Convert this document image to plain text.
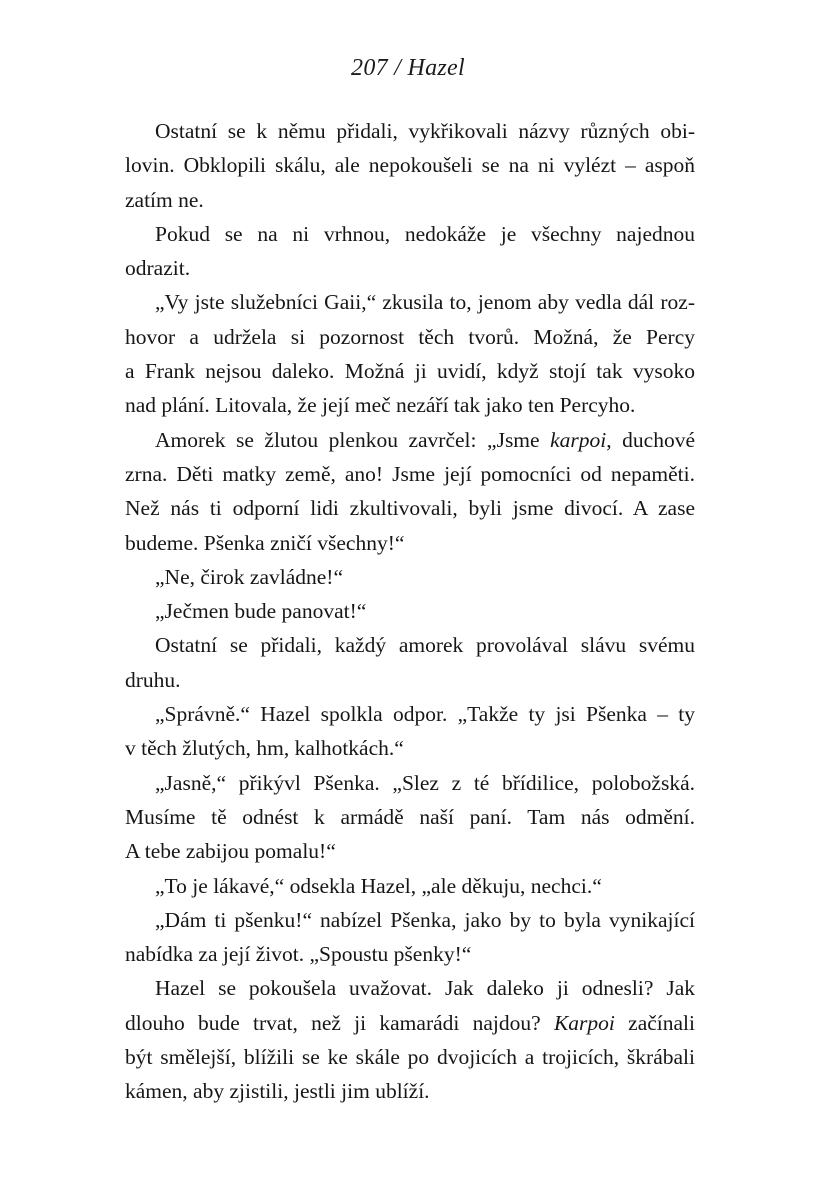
207 / Hazel
Ostatní se k němu přidali, vykřikovali názvy různých obi-
lovin. Obklopili skálu, ale nepokoušeli se na ni vylézt – aspoň
zatím ne.
Pokud se na ni vrhnou, nedokáže je všechny najednou
odrazit.
„Vy jste služebníci Gaii,“ zkusila to, jenom aby vedla dál roz-
hovor a udržela si pozornost těch tvorů. Možná, že Percy
a Frank nejsou daleko. Možná ji uvidí, když stojí tak vysoko
nad plání. Litovala, že její meč nezáří tak jako ten Percyho.
Amorek se žlutou plenkou zavrčel: „Jsme karpoi, duchové
zrna. Děti matky země, ano! Jsme její pomocníci od nepaměti.
Než nás ti odporní lidi zkultivovali, byli jsme divocí. A zase
budeme. Pšenka zničí všechny!“
„Ne, čirok zavládne!“
„Ječmen bude panovat!“
Ostatní se přidali, každý amorek provolával slávu svému
druhu.
„Správně.“ Hazel spolkla odpor. „Takže ty jsi Pšenka – ty
v těch žlutých, hm, kalhotkách.“
„Jasně,“ přikývl Pšenka. „Slez z té břídilice, polobožská.
Musíme tě odnést k armádě naší paní. Tam nás odmění.
A tebe zabijou pomalu!“
„To je lákavé,“ odsekla Hazel, „ale děkuju, nechci.“
„Dám ti pšenku!“ nabízel Pšenka, jako by to byla vynikající
nabídka za její život. „Spoustu pšenky!“
Hazel se pokoušela uvažovat. Jak daleko ji odnesli? Jak
dlouho bude trvat, než ji kamarádi najdou? Karpoi začínali
být smělejší, blížili se ke skále po dvojicích a trojicích, škrábali
kámen, aby zjistili, jestli jim ublíží.
